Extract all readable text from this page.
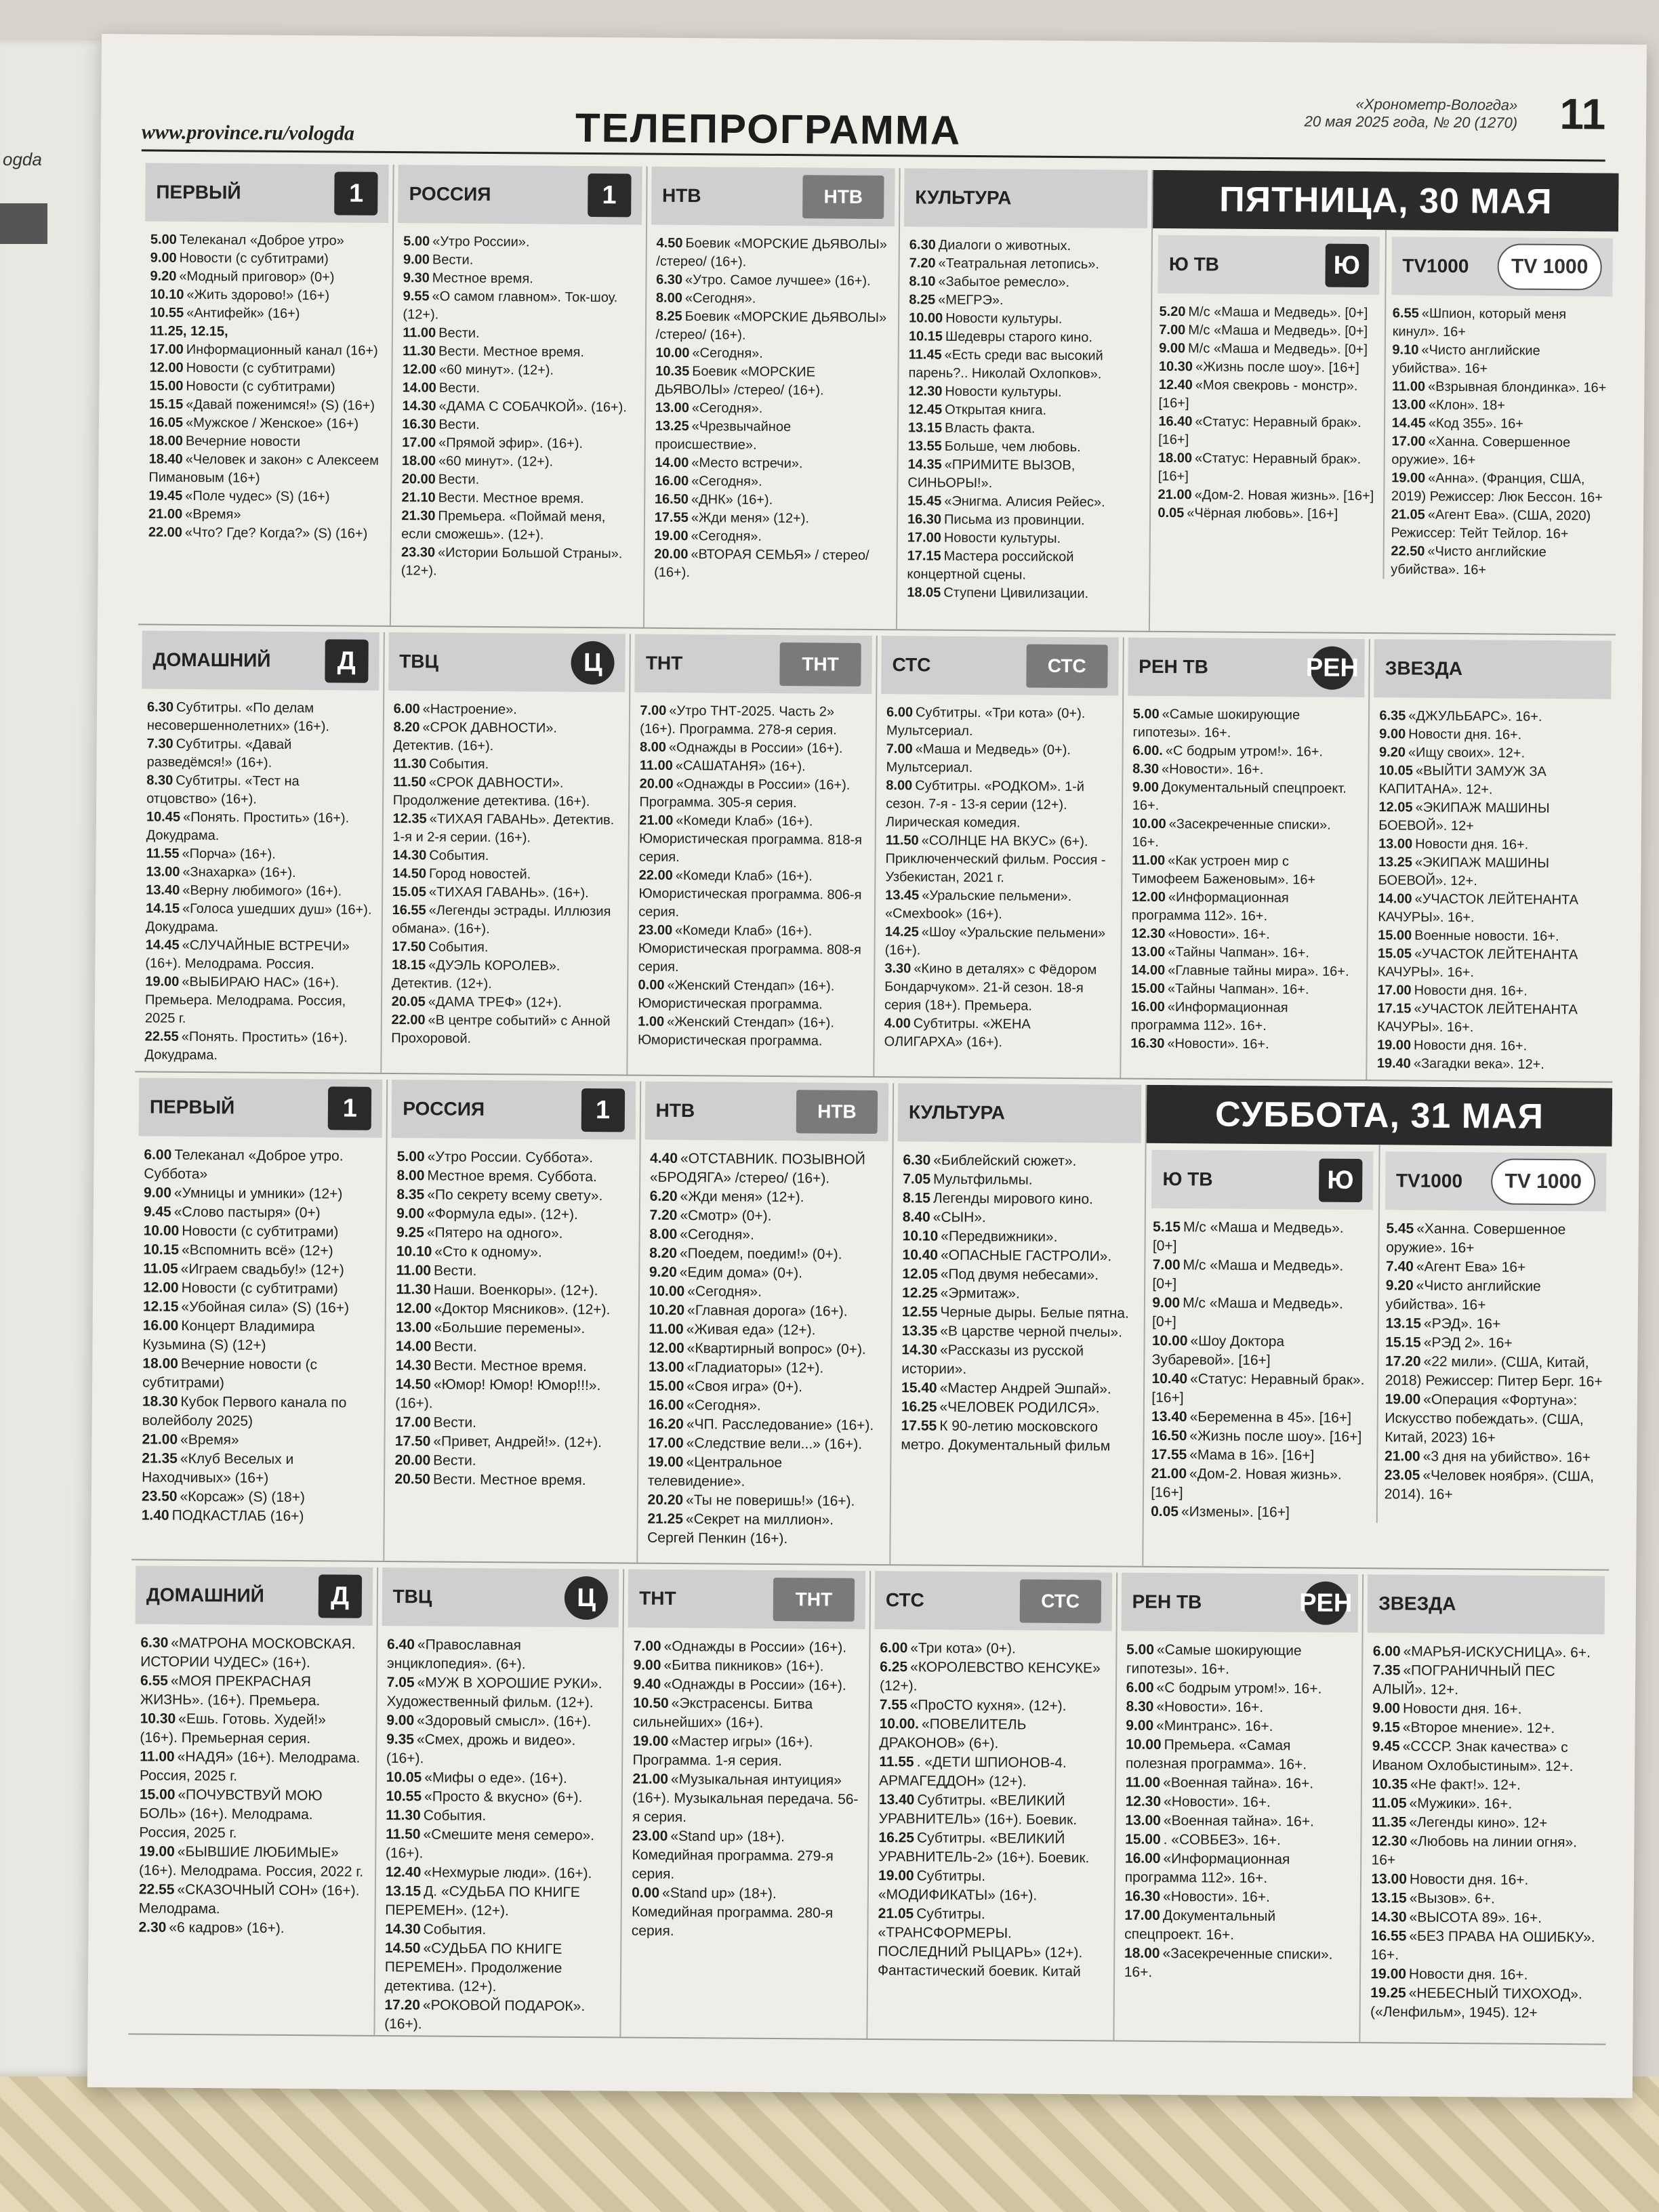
ogda
www.province.ru/vologda	ТЕЛЕПРОГРАММА
«Хронометр-Вологда»
20 мая 2025 года, № 20 (1270) 11
ПЕРВЫЙ	1
5.00 Телеканал «Доброе утро»
9.00 Новости (с субтитрами)
9.20 «Модный приговор» (0+)
10.10 «Жить здорово!» (16+)
10.55 «Антифейк» (16+)
11.25, 12.15, 17.00 Информационный канал (16+)
12.00 Новости (с субтитрами)
15.00 Новости (с субтитрами)
15.15 «Давай поженимся!» (S) (16+)
16.05 «Мужское / Женское» (16+)
18.00 Вечерние новости
18.40 «Человек и закон» с Алексеем Пимановым (16+)
19.45 «Поле чудес» (S) (16+)
21.00 «Время»
22.00 «Что? Где? Когда?» (S) (16+)
РОССИЯ	1
5.00 «Утро России».
9.00 Вести.
9.30 Местное время.
9.55 «О самом главном». Ток-шоу. (12+).
11.00 Вести.
11.30 Вести. Местное время.
12.00 «60 минут». (12+).
14.00 Вести.
14.30 «ДАМА С СОБАЧКОЙ». (16+).
16.30 Вести.
17.00 «Прямой эфир». (16+).
18.00 «60 минут». (12+).
20.00 Вести.
21.10 Вести. Местное время.
21.30 Премьера. «Поймай меня, если сможешь». (12+).
23.30 «Истории Большой Страны». (12+).
НТВ	НТВ
4.50 Боевик «МОРСКИЕ ДЬЯВОЛЫ» /стерео/ (16+).
6.30 «Утро. Самое лучшее» (16+).
8.00 «Сегодня».
8.25 Боевик «МОРСКИЕ ДЬЯВОЛЫ» /стерео/ (16+).
10.00 «Сегодня».
10.35 Боевик «МОРСКИЕ ДЬЯВОЛЫ» /стерео/ (16+).
13.00 «Сегодня».
13.25 «Чрезвычайное происшествие».
14.00 «Место встречи».
16.00 «Сегодня».
16.50 «ДНК» (16+).
17.55 «Жди меня» (12+).
19.00 «Сегодня».
20.00 «ВТОРАЯ СЕМЬЯ» / стерео/ (16+).
КУЛЬТУРА
6.30 Диалоги о животных.
7.20 «Театральная летопись».
8.10 «Забытое ремесло».
8.25 «МЕГРЭ».
10.00 Новости культуры.
10.15 Шедевры старого кино.
11.45 «Есть среди вас высокий парень?.. Николай Охлопков».
12.30 Новости культуры.
12.45 Открытая книга.
13.15 Власть факта.
13.55 Больше, чем любовь.
14.35 «ПРИМИТЕ ВЫЗОВ, СИНЬОРЫ!».
15.45 «Энигма. Алисия Рейес».
16.30 Письма из провинции.
17.00 Новости культуры.
17.15 Мастера российской концертной сцены.
18.05 Ступени Цивилизации.
ПЯТНИЦА, 30 МАЯ
Ю ТВ	Ю
5.20 М/с «Маша и Медведь». [0+]
7.00 М/с «Маша и Медведь». [0+]
9.00 М/с «Маша и Медведь». [0+]
10.30 «Жизнь после шоу». [16+]
12.40 «Моя свекровь - монстр». [16+]
16.40 «Статус: Неравный брак». [16+]
18.00 «Статус: Неравный брак». [16+]
21.00 «Дом-2. Новая жизнь». [16+]
0.05 «Чёрная любовь». [16+]
TV1000	TV 1000
6.55 «Шпион, который меня кинул». 16+
9.10 «Чисто английские убийства». 16+
11.00 «Взрывная блондинка». 16+
13.00 «Клон». 18+
14.45 «Код 355». 16+
17.00 «Ханна. Совершенное оружие». 16+
19.00 «Анна». (Франция, США, 2019) Режиссер: Люк Бессон. 16+
21.05 «Агент Ева». (США, 2020) Режиссер: Тейт Тейлор. 16+
22.50 «Чисто английские убийства». 16+
ДОМАШНИЙ	Д
6.30 Субтитры. «По делам несовершеннолетних» (16+).
7.30 Субтитры. «Давай разведёмся!» (16+).
8.30 Субтитры. «Тест на отцовство» (16+).
10.45 «Понять. Простить» (16+). Докудрама.
11.55 «Порча» (16+).
13.00 «Знахарка» (16+).
13.40 «Верну любимого» (16+).
14.15 «Голоса ушедших душ» (16+). Докудрама.
14.45 «СЛУЧАЙНЫЕ ВСТРЕЧИ» (16+). Мелодрама. Россия.
19.00 «ВЫБИРАЮ НАС» (16+). Премьера. Мелодрама. Россия, 2025 г.
22.55 «Понять. Простить» (16+). Докудрама.
ТВЦ	Ц
6.00 «Настроение».
8.20 «СРОК ДАВНОСТИ». Детектив. (16+).
11.30 События.
11.50 «СРОК ДАВНОСТИ». Продолжение детектива. (16+).
12.35 «ТИХАЯ ГАВАНЬ». Детектив. 1-я и 2-я серии. (16+).
14.30 События.
14.50 Город новостей.
15.05 «ТИХАЯ ГАВАНЬ». (16+).
16.55 «Легенды эстрады. Иллюзия обмана». (16+).
17.50 События.
18.15 «ДУЭЛЬ КОРОЛЕВ». Детектив. (12+).
20.05 «ДАМА ТРЕФ» (12+).
22.00 «В центре событий» с Анной Прохоровой.
ТНТ	ТНТ
7.00 «Утро ТНТ-2025. Часть 2» (16+). Программа. 278-я серия.
8.00 «Однажды в России» (16+).
11.00 «САШАТАНЯ» (16+).
20.00 «Однажды в России» (16+). Программа. 305-я серия.
21.00 «Комеди Клаб» (16+). Юмористическая программа. 818-я серия.
22.00 «Комеди Клаб» (16+). Юмористическая программа. 806-я серия.
23.00 «Комеди Клаб» (16+). Юмористическая программа. 808-я серия.
0.00 «Женский Стендап» (16+). Юмористическая программа.
1.00 «Женский Стендап» (16+). Юмористическая программа.
СТС	СТС
6.00 Субтитры. «Три кота» (0+). Мультсериал.
7.00 «Маша и Медведь» (0+). Мультсериал.
8.00 Субтитры. «РОДКОМ». 1-й сезон. 7-я - 13-я серии (12+). Лирическая комедия.
11.50 «СОЛНЦЕ НА ВКУС» (6+). Приключенческий фильм. Россия - Узбекистан, 2021 г.
13.45 «Уральские пельмени». «Смехbook» (16+).
14.25 «Шоу «Уральские пельмени» (16+).
3.30 «Кино в деталях» с Фёдором Бондарчуком». 21-й сезон. 18-я серия (18+). Премьера.
4.00 Субтитры. «ЖЕНА ОЛИГАРХА» (16+).
РЕН ТВ	РЕН
5.00 «Самые шокирующие гипотезы». 16+.
6.00. «С бодрым утром!». 16+.
8.30 «Новости». 16+.
9.00 Документальный спецпроект. 16+.
10.00 «Засекреченные списки». 16+.
11.00 «Как устроен мир с Тимофеем Баженовым». 16+
12.00 «Информационная программа 112». 16+.
12.30 «Новости». 16+.
13.00 «Тайны Чапман». 16+.
14.00 «Главные тайны мира». 16+.
15.00 «Тайны Чапман». 16+.
16.00 «Информационная программа 112». 16+.
16.30 «Новости». 16+.
ЗВЕЗДА
6.35 «ДЖУЛЬБАРС». 16+.
9.00 Новости дня. 16+.
9.20 «Ищу своих». 12+.
10.05 «ВЫЙТИ ЗАМУЖ ЗА КАПИТАНА». 12+.
12.05 «ЭКИПАЖ МАШИНЫ БОЕВОЙ». 12+
13.00 Новости дня. 16+.
13.25 «ЭКИПАЖ МАШИНЫ БОЕВОЙ». 12+.
14.00 «УЧАСТОК ЛЕЙТЕНАНТА КАЧУРЫ». 16+.
15.00 Военные новости. 16+.
15.05 «УЧАСТОК ЛЕЙТЕНАНТА КАЧУРЫ». 16+.
17.00 Новости дня. 16+.
17.15 «УЧАСТОК ЛЕЙТЕНАНТА КАЧУРЫ». 16+.
19.00 Новости дня. 16+.
19.40 «Загадки века». 12+.
ПЕРВЫЙ	1
6.00 Телеканал «Доброе утро. Суббота»
9.00 «Умницы и умники» (12+)
9.45 «Слово пастыря» (0+)
10.00 Новости (с субтитрами)
10.15 «Вспомнить всё» (12+)
11.05 «Играем свадьбу!» (12+)
12.00 Новости (с субтитрами)
12.15 «Убойная сила» (S) (16+)
16.00 Концерт Владимира Кузьмина (S) (12+)
18.00 Вечерние новости (с субтитрами)
18.30 Кубок Первого канала по волейболу 2025)
21.00 «Время»
21.35 «Клуб Веселых и Находчивых» (16+)
23.50 «Корсаж» (S) (18+)
1.40 ПОДКАСТЛАБ (16+)
РОССИЯ	1
5.00 «Утро России. Суббота».
8.00 Местное время. Суббота.
8.35 «По секрету всему свету».
9.00 «Формула еды». (12+).
9.25 «Пятеро на одного».
10.10 «Сто к одному».
11.00 Вести.
11.30 Наши. Военкоры». (12+).
12.00 «Доктор Мясников». (12+).
13.00 «Большие перемены».
14.00 Вести.
14.30 Вести. Местное время.
14.50 «Юмор! Юмор! Юмор!!!». (16+).
17.00 Вести.
17.50 «Привет, Андрей!». (12+).
20.00 Вести.
20.50 Вести. Местное время.
НТВ	НТВ
4.40 «ОТСТАВНИК. ПОЗЫВНОЙ «БРОДЯГА» /стерео/ (16+).
6.20 «Жди меня» (12+).
7.20 «Смотр» (0+).
8.00 «Сегодня».
8.20 «Поедем, поедим!» (0+).
9.20 «Едим дома» (0+).
10.00 «Сегодня».
10.20 «Главная дорога» (16+).
11.00 «Живая еда» (12+).
12.00 «Квартирный вопрос» (0+).
13.00 «Гладиаторы» (12+).
15.00 «Своя игра» (0+).
16.00 «Сегодня».
16.20 «ЧП. Расследование» (16+).
17.00 «Следствие вели...» (16+).
19.00 «Центральное телевидение».
20.20 «Ты не поверишь!» (16+).
21.25 «Секрет на миллион». Сергей Пенкин (16+).
КУЛЬТУРА
6.30 «Библейский сюжет».
7.05 Мультфильмы.
8.15 Легенды мирового кино.
8.40 «СЫН».
10.10 «Передвижники».
10.40 «ОПАСНЫЕ ГАСТРОЛИ».
12.05 «Под двумя небесами».
12.25 «Эрмитаж».
12.55 Черные дыры. Белые пятна.
13.35 «В царстве черной пчелы».
14.30 «Рассказы из русской истории».
15.40 «Мастер Андрей Эшпай».
16.25 «ЧЕЛОВЕК РОДИЛСЯ».
17.55 К 90-летию московского метро. Документальный фильм
СУББОТА, 31 МАЯ
Ю ТВ	Ю
5.15 М/с «Маша и Медведь». [0+]
7.00 М/с «Маша и Медведь». [0+]
9.00 М/с «Маша и Медведь». [0+]
10.00 «Шоу Доктора Зубаревой». [16+]
10.40 «Статус: Неравный брак». [16+]
13.40 «Беременна в 45». [16+]
16.50 «Жизнь после шоу». [16+]
17.55 «Мама в 16». [16+]
21.00 «Дом-2. Новая жизнь». [16+]
0.05 «Измены». [16+]
TV1000	TV 1000
5.45 «Ханна. Совершенное оружие». 16+
7.40 «Агент Ева» 16+
9.20 «Чисто английские убийства». 16+
13.15 «РЭД». 16+
15.15 «РЭД 2». 16+
17.20 «22 мили». (США, Китай, 2018) Режиссер: Питер Берг. 16+
19.00 «Операция «Фортуна»: Искусство побеждать». (США, Китай, 2023) 16+
21.00 «3 дня на убийство». 16+
23.05 «Человек ноября». (США, 2014). 16+
ДОМАШНИЙ	Д
6.30 «МАТРОНА МОСКОВСКАЯ. ИСТОРИИ ЧУДЕС» (16+).
6.55 «МОЯ ПРЕКРАСНАЯ ЖИЗНЬ». (16+). Премьера.
10.30 «Ешь. Готовь. Худей!» (16+). Премьерная серия.
11.00 «НАДЯ» (16+). Мелодрама. Россия, 2025 г.
15.00 «ПОЧУВСТВУЙ МОЮ БОЛЬ» (16+). Мелодрама. Россия, 2025 г.
19.00 «БЫВШИЕ ЛЮБИМЫЕ» (16+). Мелодрама. Россия, 2022 г.
22.55 «СКАЗОЧНЫЙ СОН» (16+). Мелодрама.
2.30 «6 кадров» (16+).
ТВЦ	Ц
6.40 «Православная энциклопедия». (6+).
7.05 «МУЖ В ХОРОШИЕ РУКИ». Художественный фильм. (12+).
9.00 «Здоровый смысл». (16+).
9.35 «Смех, дрожь и видео». (16+).
10.05 «Мифы о еде». (16+).
10.55 «Просто & вкусно» (6+).
11.30 События.
11.50 «Смешите меня семеро». (16+).
12.40 «Нехмурые люди». (16+).
13.15 Д. «СУДЬБА ПО КНИГЕ ПЕРЕМЕН». (12+).
14.30 События.
14.50 «СУДЬБА ПО КНИГЕ ПЕРЕМЕН». Продолжение детектива. (12+).
17.20 «РОКОВОЙ ПОДАРОК». (16+).
ТНТ	ТНТ
7.00 «Однажды в России» (16+).
9.00 «Битва пикников» (16+).
9.40 «Однажды в России» (16+).
10.50 «Экстрасенсы. Битва сильнейших» (16+).
19.00 «Мастер игры» (16+). Программа. 1-я серия.
21.00 «Музыкальная интуиция» (16+). Музыкальная передача. 56-я серия.
23.00 «Stand up» (18+). Комедийная программа. 279-я серия.
0.00 «Stand up» (18+). Комедийная программа. 280-я серия.
СТС	СТС
6.00 «Три кота» (0+).
6.25 «КОРОЛЕВСТВО КЕНСУКЕ» (12+).
7.55 «ПроСТО кухня». (12+).
10.00. «ПОВЕЛИТЕЛЬ ДРАКОНОВ» (6+).
11.55 . «ДЕТИ ШПИОНОВ-4. АРМАГЕДДОН» (12+).
13.40 Субтитры. «ВЕЛИКИЙ УРАВНИТЕЛЬ» (16+). Боевик.
16.25 Субтитры. «ВЕЛИКИЙ УРАВНИТЕЛЬ-2» (16+). Боевик.
19.00 Субтитры. «МОДИФИКАТЫ» (16+).
21.05 Субтитры. «ТРАНСФОРМЕРЫ. ПОСЛЕДНИЙ РЫЦАРЬ» (12+). Фантастический боевик. Китай
РЕН ТВ	РЕН
5.00 «Самые шокирующие гипотезы». 16+.
6.00 «С бодрым утром!». 16+.
8.30 «Новости». 16+.
9.00 «Минтранс». 16+.
10.00 Премьера. «Самая полезная программа». 16+.
11.00 «Военная тайна». 16+.
12.30 «Новости». 16+.
13.00 «Военная тайна». 16+.
15.00 . «СОВБЕЗ». 16+.
16.00 «Информационная программа 112». 16+.
16.30 «Новости». 16+.
17.00 Документальный спецпроект. 16+.
18.00 «Засекреченные списки». 16+.
ЗВЕЗДА
6.00 «МАРЬЯ-ИСКУСНИЦА». 6+.
7.35 «ПОГРАНИЧНЫЙ ПЕС АЛЫЙ». 12+.
9.00 Новости дня. 16+.
9.15 «Второе мнение». 12+.
9.45 «СССР. Знак качества» с Иваном Охлобыстиным». 12+.
10.35 «Не факт!». 12+.
11.05 «Мужики». 16+.
11.35 «Легенды кино». 12+
12.30 «Любовь на линии огня». 16+
13.00 Новости дня. 16+.
13.15 «Вызов». 6+.
14.30 «ВЫСОТА 89». 16+.
16.55 «БЕЗ ПРАВА НА ОШИБКУ». 16+.
19.00 Новости дня. 16+.
19.25 «НЕБЕСНЫЙ ТИХОХОД». («Ленфильм», 1945). 12+
